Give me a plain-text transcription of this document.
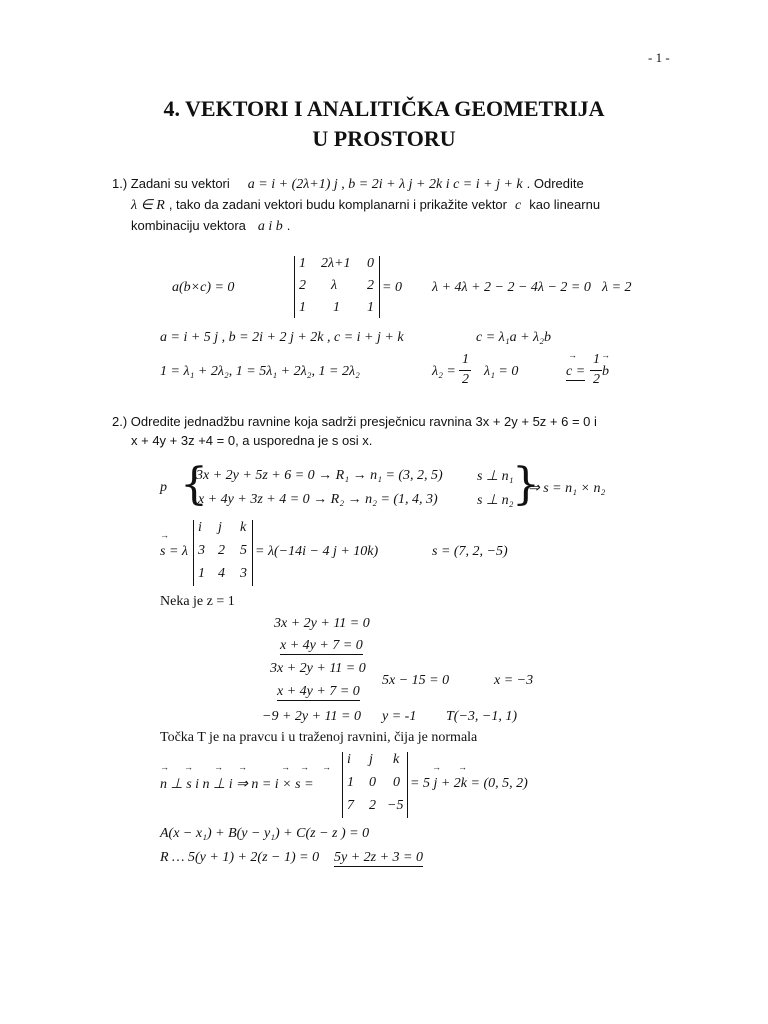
- 1 -
4. VEKTORI I ANALITIČKA GEOMETRIJA
U PROSTORU
1.) Zadani su vektori a = i + (2λ+1) j , b = 2i + λ j + 2k i c = i + j + k . Odredite
λ ∈ R , tako da zadani vektori budu komplanarni i prikažite vektor c kao linearnu
kombinaciju vektora a i b .
a(b×c) = 0
1 2λ+1 0
2 λ 2
1 1 1
= 0 λ + 4λ + 2 − 2 − 4λ − 2 = 0 λ = 2
a = i + 5 j , b = 2i + 2 j + 2k , c = i + j + k	c = λ₁a + λ₂b
1 = λ₁ + 2λ₂, 1 = 5λ₁ + 2λ₂, 1 = 2λ₂	λ₂ =
1
2
λ₁ = 0	c =
→ 1
2
b
→
2.) Odredite jednadžbu ravnine koja sadrži presječnicu ravnina 3x + 2y + 5z + 6 = 0 i
x + 4y + 3z +4 = 0, a usporedna je s osi x.
p {
3x + 2y + 5z + 6 = 0 → R₁ → n₁ = (3, 2, 5)
x + 4y + 3z + 4 = 0 → R₂ → n₂ = (1, 4, 3)
s ⊥ n₁
s ⊥ n₂
}
⇒ s = n₁ × n₂
s = λ
→ i j k
3 2 5
1 4 3
= λ(−14i − 4 j + 10k)	s = (7, 2, −5)
Neka je z = 1
3x + 2y + 11 = 0
x + 4y + 7 = 0
3x + 2y + 11 = 0
x + 4y + 7 = 0
5x − 15 = 0	x = −3
−9 + 2y + 11 = 0 y = -1 T(−3, −1, 1)
Točka T je na pravcu i u traženoj ravnini, čija je normala
n ⊥ s i n ⊥ i ⇒ n = i × s =
→ → → →	→ → → i j k
1 0 0
7 2 −5
= 5 j + 2k = (0, 5, 2)
→ →
A(x − x₁) + B(y − y₁) + C(z − z ) = 0
R … 5(y + 1) + 2(z − 1) = 0 5y + 2z + 3 = 0
